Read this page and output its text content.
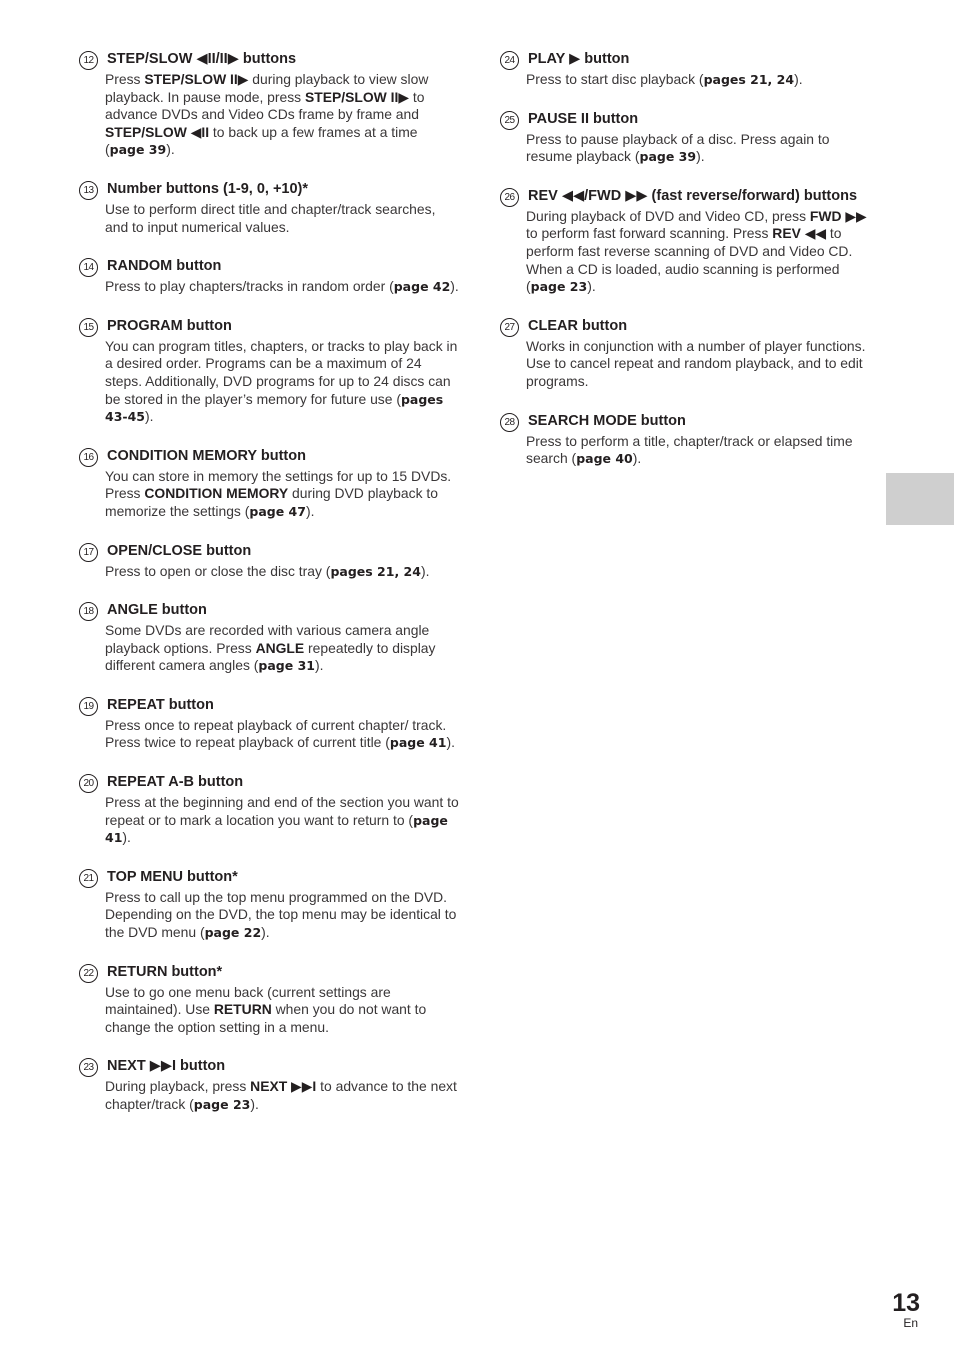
12 STEP/SLOW ◀II/II▶ buttons
Press STEP/SLOW II▶ during playback to view slow playback. In pause mode, press STEP/SLOW II▶ to advance DVDs and Video CDs frame by frame and STEP/SLOW ◀II to back up a few frames at a time (page 39).
13 Number buttons (1-9, 0, +10)*
Use to perform direct title and chapter/track searches, and to input numerical values.
14 RANDOM button
Press to play chapters/tracks in random order (page 42).
15 PROGRAM button
You can program titles, chapters, or tracks to play back in a desired order. Programs can be a maximum of 24 steps. Additionally, DVD programs for up to 24 discs can be stored in the player’s memory for future use (pages 43-45).
16 CONDITION MEMORY button
You can store in memory the settings for up to 15 DVDs. Press CONDITION MEMORY during DVD playback to memorize the settings (page 47).
17 OPEN/CLOSE button
Press to open or close the disc tray (pages 21, 24).
18 ANGLE button
Some DVDs are recorded with various camera angle playback options. Press ANGLE repeatedly to display different camera angles (page 31).
19 REPEAT button
Press once to repeat playback of current chapter/ track. Press twice to repeat playback of current title (page 41).
20 REPEAT A-B button
Press at the beginning and end of the section you want to repeat or to mark a location you want to return to (page 41).
21 TOP MENU button*
Press to call up the top menu programmed on the DVD. Depending on the DVD, the top menu may be identical to the DVD menu (page 22).
22 RETURN button*
Use to go one menu back (current settings are maintained). Use RETURN when you do not want to change the option setting in a menu.
23 NEXT ▶▶I button
During playback, press NEXT ▶▶I to advance to the next chapter/track (page 23).
24 PLAY ▶ button
Press to start disc playback (pages 21, 24).
25 PAUSE II button
Press to pause playback of a disc. Press again to resume playback (page 39).
26 REV ◀◀/FWD ▶▶ (fast reverse/forward) buttons
During playback of DVD and Video CD, press FWD ▶▶ to perform fast forward scanning. Press REV ◀◀ to perform fast reverse scanning of DVD and Video CD. When a CD is loaded, audio scanning is performed (page 23).
27 CLEAR button
Works in conjunction with a number of player functions. Use to cancel repeat and random playback, and to edit programs.
28 SEARCH MODE button
Press to perform a title, chapter/track or elapsed time search (page 40).
13
En
